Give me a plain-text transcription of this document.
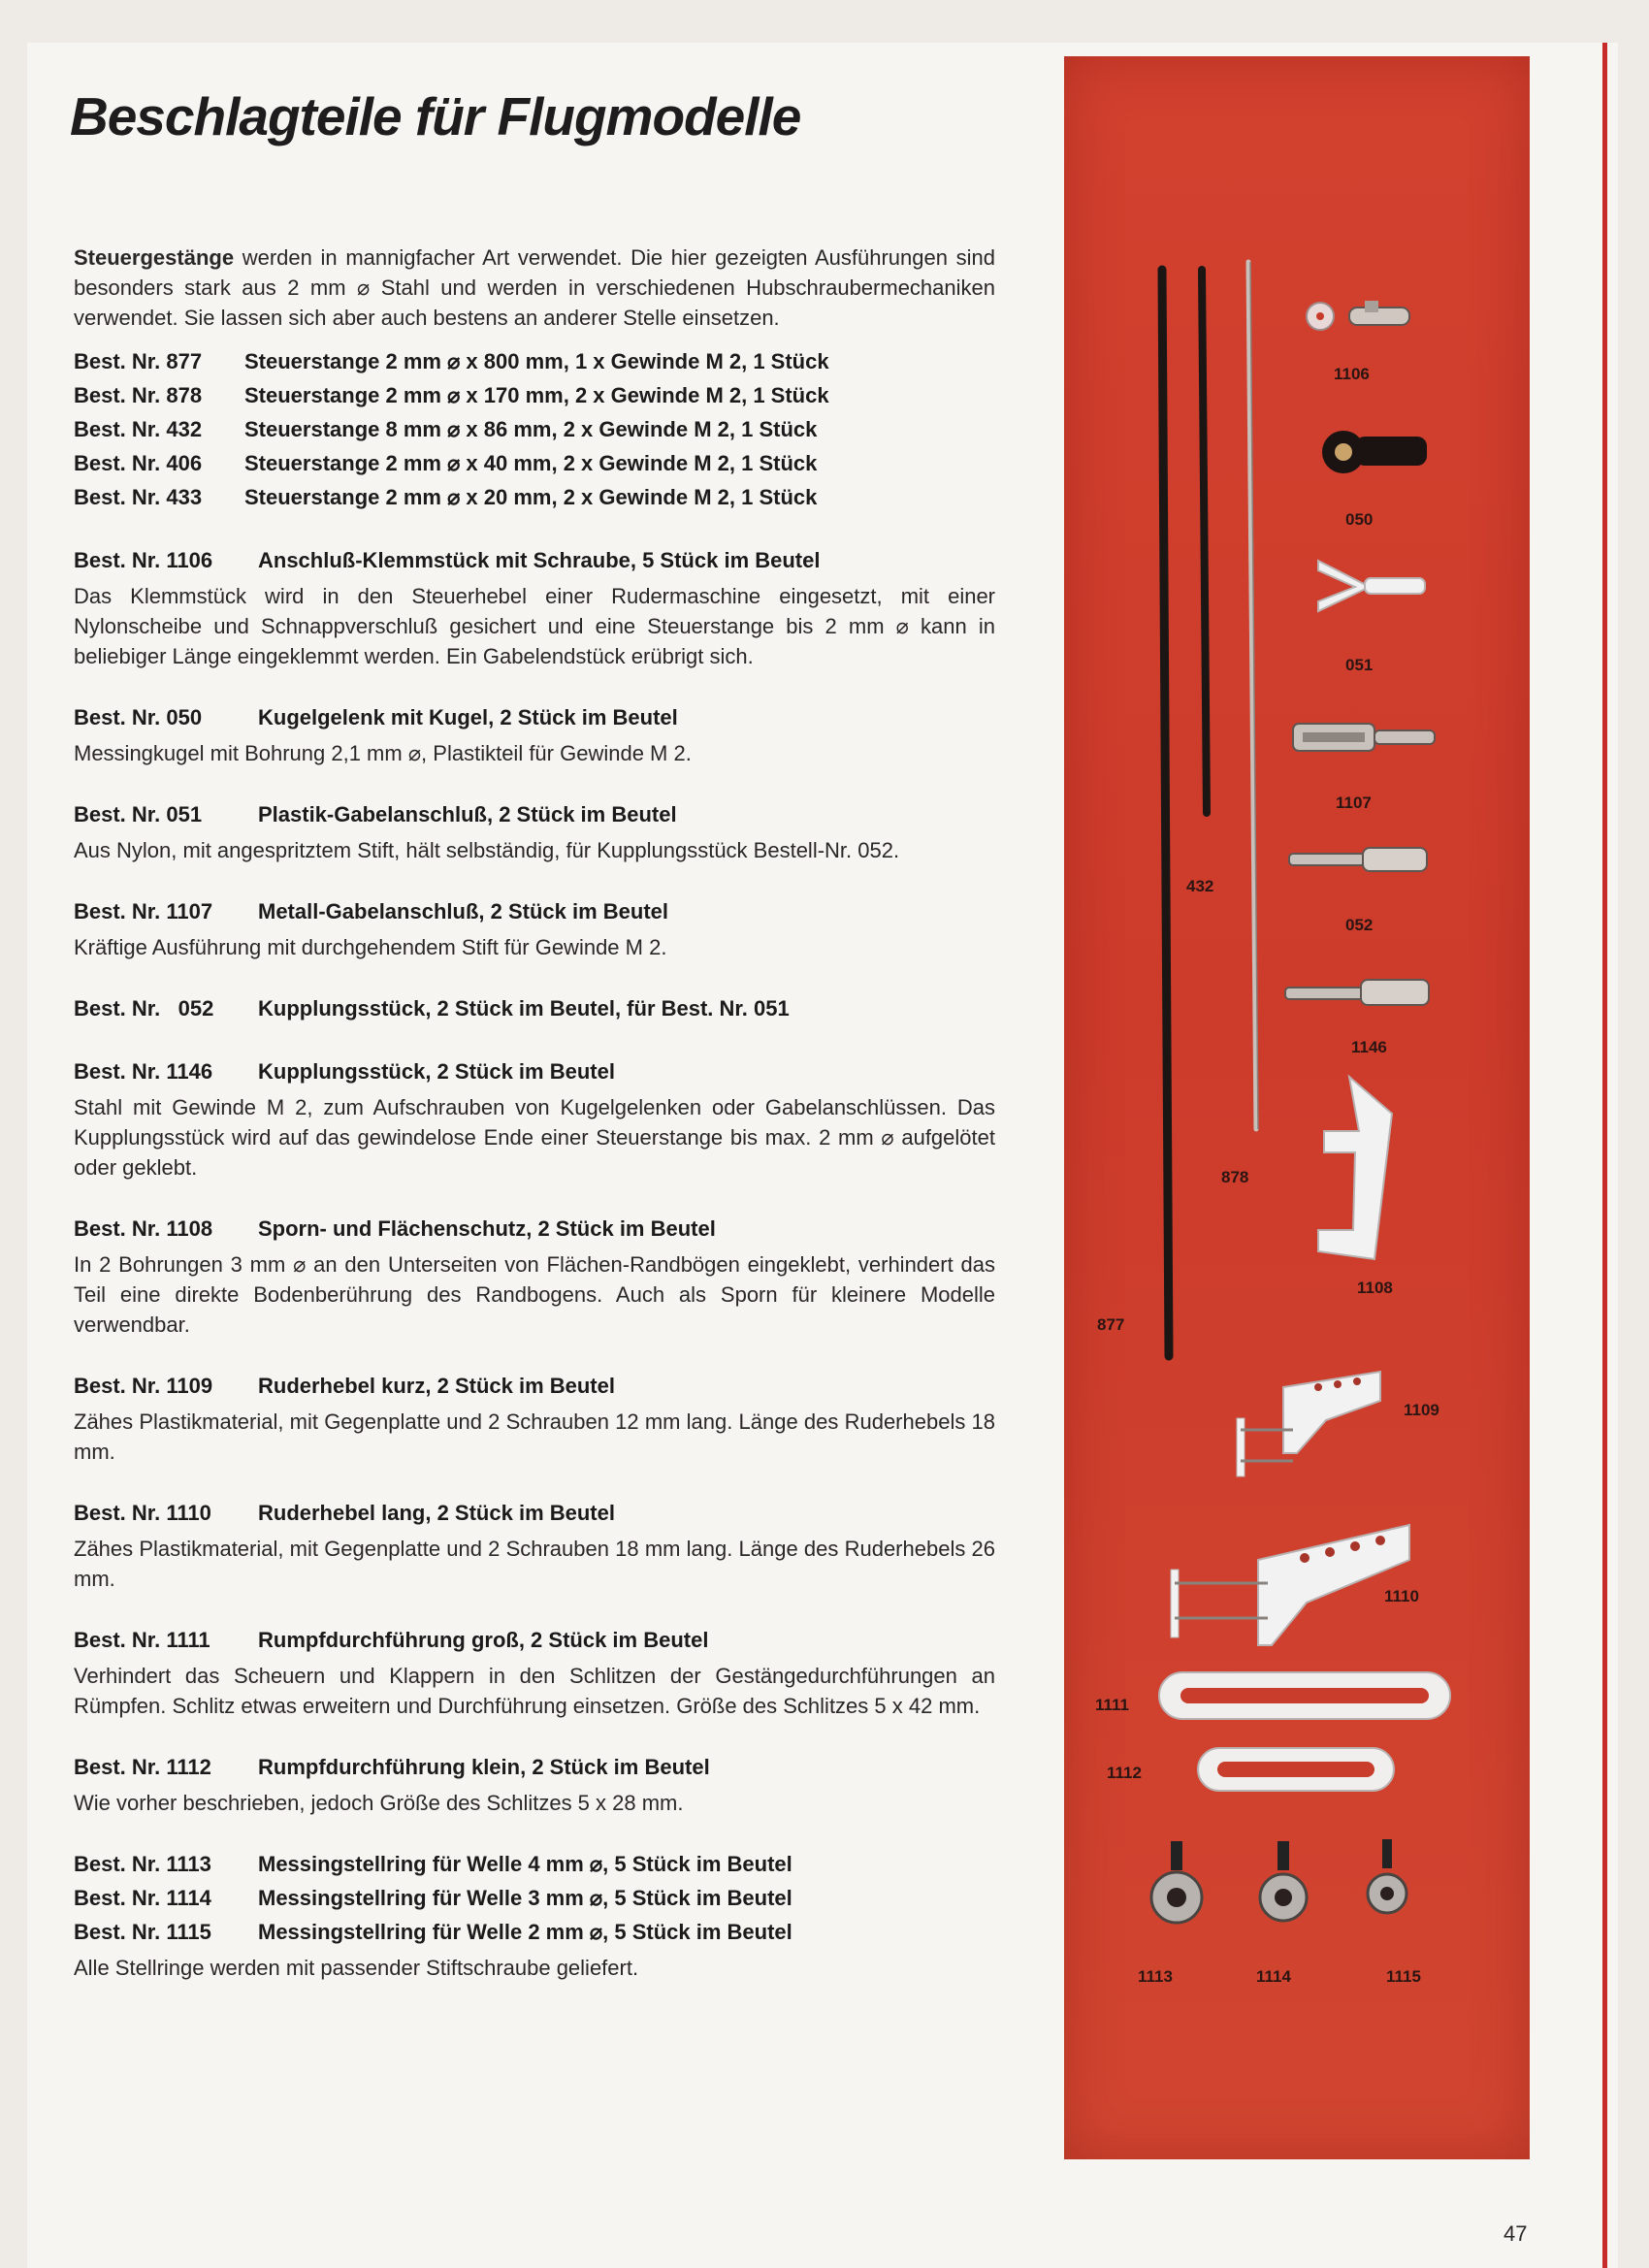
Beschlagteile für Flugmodelle

Steuergestänge werden in mannigfacher Art verwendet. Die hier gezeigten Ausführungen sind besonders stark aus 2 mm ⌀ Stahl und werden in verschiedenen Hubschraubermechaniken verwendet. Sie lassen sich aber auch bestens an anderer Stelle einsetzen.

Best. Nr. 877 Steuerstange 2 mm ⌀ x 800 mm, 1 x Gewinde M 2, 1 Stück
Best. Nr. 878 Steuerstange 2 mm ⌀ x 170 mm, 2 x Gewinde M 2, 1 Stück
Best. Nr. 432 Steuerstange 8 mm ⌀ x 86 mm, 2 x Gewinde M 2, 1 Stück
Best. Nr. 406 Steuerstange 2 mm ⌀ x 40 mm, 2 x Gewinde M 2, 1 Stück
Best. Nr. 433 Steuerstange 2 mm ⌀ x 20 mm, 2 x Gewinde M 2, 1 Stück
Best. Nr. 1106 Anschluß-Klemmstück mit Schraube, 5 Stück im Beutel

Das Klemmstück wird in den Steuerhebel einer Rudermaschine eingesetzt, mit einer Nylonscheibe und Schnappverschluß gesichert und eine Steuerstange bis 2 mm ⌀ kann in beliebiger Länge eingeklemmt werden. Ein Gabelendstück erübrigt sich.

Best. Nr. 050	Kugelgelenk mit Kugel, 2 Stück im Beutel

Messingkugel mit Bohrung 2,1 mm ⌀, Plastikteil für Gewinde M 2.

Best. Nr. 051	Plastik-Gabelanschluß, 2 Stück im Beutel

Aus Nylon, mit angespritztem Stift, hält selbständig, für Kupplungsstück Bestell-Nr. 052.

Best. Nr. 1107 Metall-Gabelanschluß, 2 Stück im Beutel

Kräftige Ausführung mit durchgehendem Stift für Gewinde M 2.

Best. Nr.   052 Kupplungsstück, 2 Stück im Beutel, für Best. Nr. 051
Best. Nr. 1146 Kupplungsstück, 2 Stück im Beutel

Stahl mit Gewinde M 2, zum Aufschrauben von Kugelgelenken oder Gabelanschlüssen. Das Kupplungsstück wird auf das gewindelose Ende einer Steuerstange bis max. 2 mm ⌀ aufgelötet oder geklebt.

Best. Nr. 1108 Sporn- und Flächenschutz, 2 Stück im Beutel

In 2 Bohrungen 3 mm ⌀ an den Unterseiten von Flächen-Randbögen eingeklebt, verhindert das Teil eine direkte Bodenberührung des Randbogens. Auch als Sporn für kleinere Modelle verwendbar.

Best. Nr. 1109 Ruderhebel kurz, 2 Stück im Beutel

Zähes Plastikmaterial, mit Gegenplatte und 2 Schrauben 12 mm lang. Länge des Ruderhebels 18 mm.

Best. Nr. 1110 Ruderhebel lang, 2 Stück im Beutel

Zähes Plastikmaterial, mit Gegenplatte und 2 Schrauben 18 mm lang. Länge des Ruderhebels 26 mm.

Best. Nr. 1111 Rumpfdurchführung groß, 2 Stück im Beutel

Verhindert das Scheuern und Klappern in den Schlitzen der Gestängedurchführungen an Rümpfen. Schlitz etwas erweitern und Durchführung einsetzen. Größe des Schlitzes 5 x 42 mm.

Best. Nr. 1112 Rumpfdurchführung klein, 2 Stück im Beutel

Wie vorher beschrieben, jedoch Größe des Schlitzes 5 x 28 mm.

Best. Nr. 1113 Messingstellring für Welle 4 mm ⌀, 5 Stück im Beutel
Best. Nr. 1114 Messingstellring für Welle 3 mm ⌀, 5 Stück im Beutel
Best. Nr. 1115 Messingstellring für Welle 2 mm ⌀, 5 Stück im Beutel

Alle Stellringe werden mit passender Stiftschraube geliefert.

1106
050
051
1107
432
052
1146
878
1108
877
1109
1110
1111
1112
1113	1114	1115
47
